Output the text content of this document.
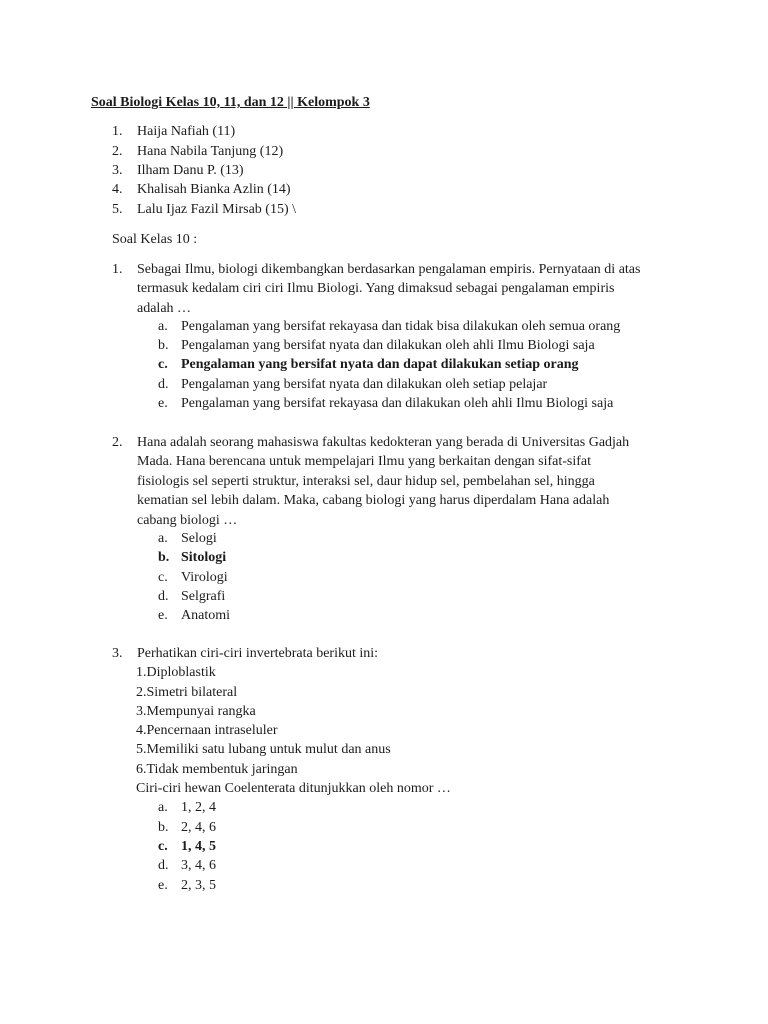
Soal Biologi Kelas 10, 11, dan 12 || Kelompok 3
1. Haija Nafiah (11)
2. Hana Nabila Tanjung (12)
3. Ilham Danu P. (13)
4. Khalisah Bianka Azlin (14)
5. Lalu Ijaz Fazil Mirsab (15) \
Soal Kelas 10 :
1. Sebagai Ilmu, biologi dikembangkan berdasarkan pengalaman empiris. Pernyataan di atas
termasuk kedalam ciri ciri Ilmu Biologi. Yang dimaksud sebagai pengalaman empiris
adalah …
a. Pengalaman yang bersifat rekayasa dan tidak bisa dilakukan oleh semua orang
b. Pengalaman yang bersifat nyata dan dilakukan oleh ahli Ilmu Biologi saja
c. Pengalaman yang bersifat nyata dan dapat dilakukan setiap orang
d. Pengalaman yang bersifat nyata dan dilakukan oleh setiap pelajar
e. Pengalaman yang bersifat rekayasa dan dilakukan oleh ahli Ilmu Biologi saja
2. Hana adalah seorang mahasiswa fakultas kedokteran yang berada di Universitas Gadjah
Mada. Hana berencana untuk mempelajari Ilmu yang berkaitan dengan sifat-sifat
fisiologis sel seperti struktur, interaksi sel, daur hidup sel, pembelahan sel, hingga
kematian sel lebih dalam. Maka, cabang biologi yang harus diperdalam Hana adalah
cabang biologi …
a. Selogi
b. Sitologi
c. Virologi
d. Selgrafi
e. Anatomi
3. Perhatikan ciri-ciri invertebrata berikut ini:
1.Diploblastik
2.Simetri bilateral
3.Mempunyai rangka
4.Pencernaan intraseluler
5.Memiliki satu lubang untuk mulut dan anus
6.Tidak membentuk jaringan
Ciri-ciri hewan Coelenterata ditunjukkan oleh nomor …
a. 1, 2, 4
b. 2, 4, 6
c. 1, 4, 5
d. 3, 4, 6
e. 2, 3, 5
